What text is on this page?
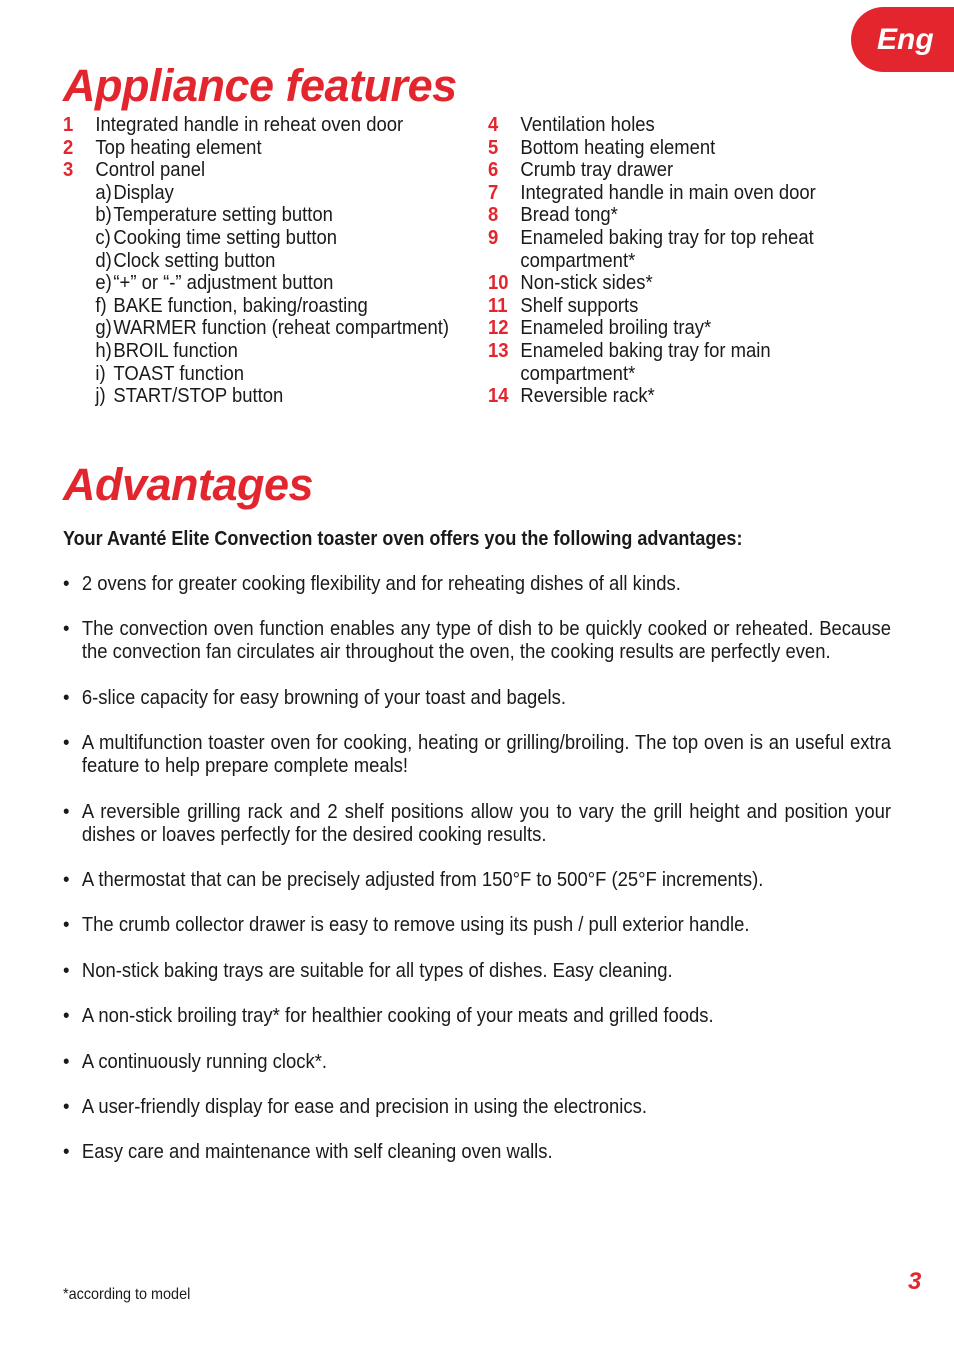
Eng
Appliance features
1	Integrated handle in reheat oven door
2	Top heating element
3	Control panel
a) Display
b) Temperature setting button
c) Cooking time setting button
d) Clock setting button
e) “+” or “-” adjustment button
f) BAKE function, baking/roasting
g) WARMER function (reheat compartment)
h) BROIL function
i) TOAST function
j) START/STOP button
4	Ventilation holes
5	Bottom heating element
6	Crumb tray drawer
7	Integrated handle in main oven door
8	Bread tong*
9	Enameled baking tray for top reheat compartment*
10 Non-stick sides*
11 Shelf supports
12 Enameled broiling tray*
13 Enameled baking tray for main compartment*
14 Reversible rack*
Advantages

Your Avanté Elite Convection toaster oven offers you the following advantages:

• 2 ovens for greater cooking flexibility and for reheating dishes of all kinds.
• The convection oven function enables any type of dish to be quickly cooked or reheated. Because the convection fan circulates air throughout the oven, the cooking results are perfectly even.
• 6-slice capacity for easy browning of your toast and bagels.
• A multifunction toaster oven for cooking, heating or grilling/broiling. The top oven is an useful extra feature to help prepare complete meals!
• A reversible grilling rack and 2 shelf positions allow you to vary the grill height and position your dishes or loaves perfectly for the desired cooking results.
• A thermostat that can be precisely adjusted from 150°F to 500°F (25°F increments).
• The crumb collector drawer is easy to remove using its push / pull exterior handle.
• Non-stick baking trays are suitable for all types of dishes. Easy cleaning.
• A non-stick broiling tray* for healthier cooking of your meats and grilled foods.
• A continuously running clock*.
• A user-friendly display for ease and precision in using the electronics.
• Easy care and maintenance with self cleaning oven walls.
*according to model	3
